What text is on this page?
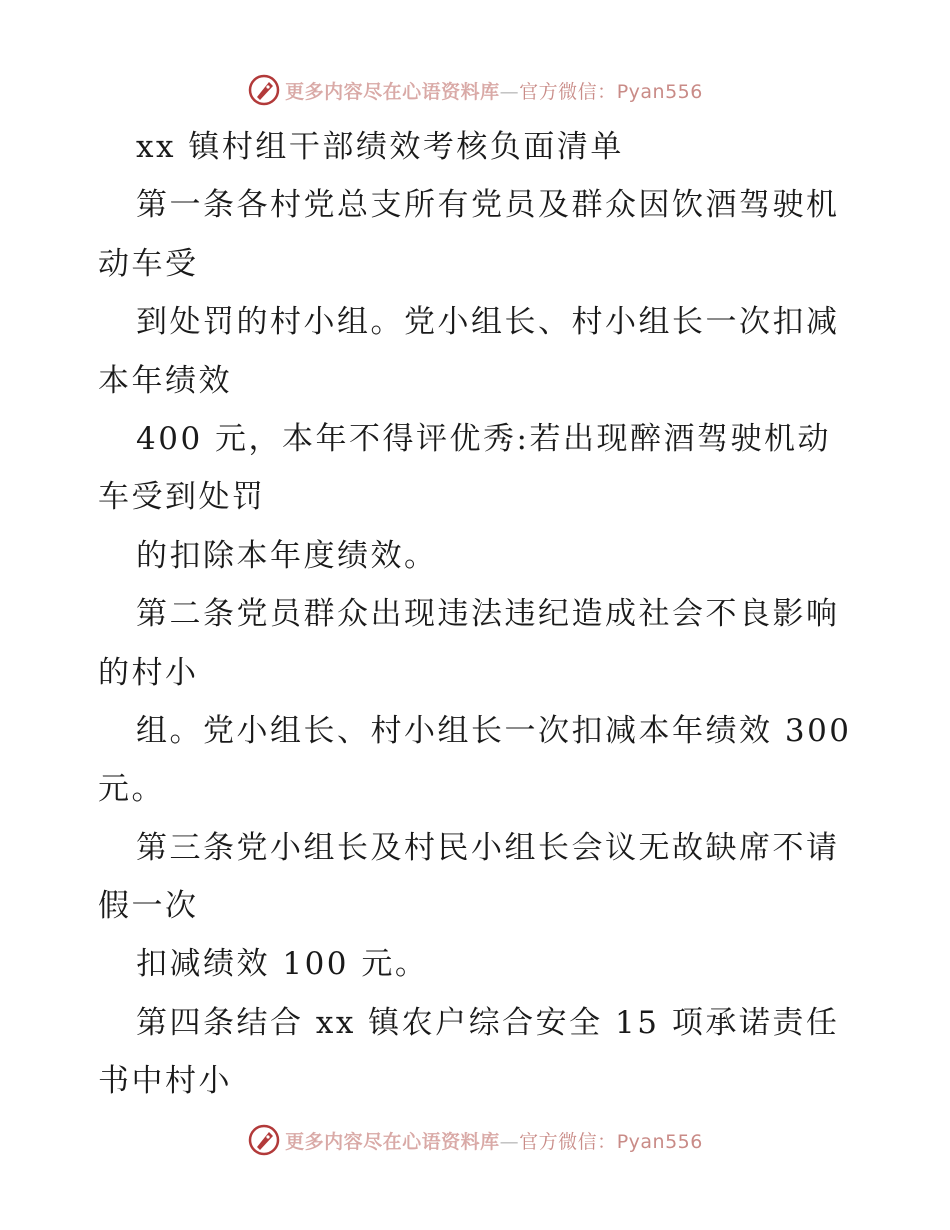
更多内容尽在心语资料库—官方微信：Pyan556
xx 镇村组干部绩效考核负面清单
第一条各村党总支所有党员及群众因饮酒驾驶机
动车受
到处罚的村小组。党小组长、村小组长一次扣减
本年绩效
400 元，本年不得评优秀:若出现醉酒驾驶机动
车受到处罚
的扣除本年度绩效。
第二条党员群众出现违法违纪造成社会不良影响
的村小
组。党小组长、村小组长一次扣减本年绩效 300
元。
第三条党小组长及村民小组长会议无故缺席不请
假一次
扣减绩效 100 元。
第四条结合 xx 镇农户综合安全 15 项承诺责任
书中村小
更多内容尽在心语资料库—官方微信：Pyan556
